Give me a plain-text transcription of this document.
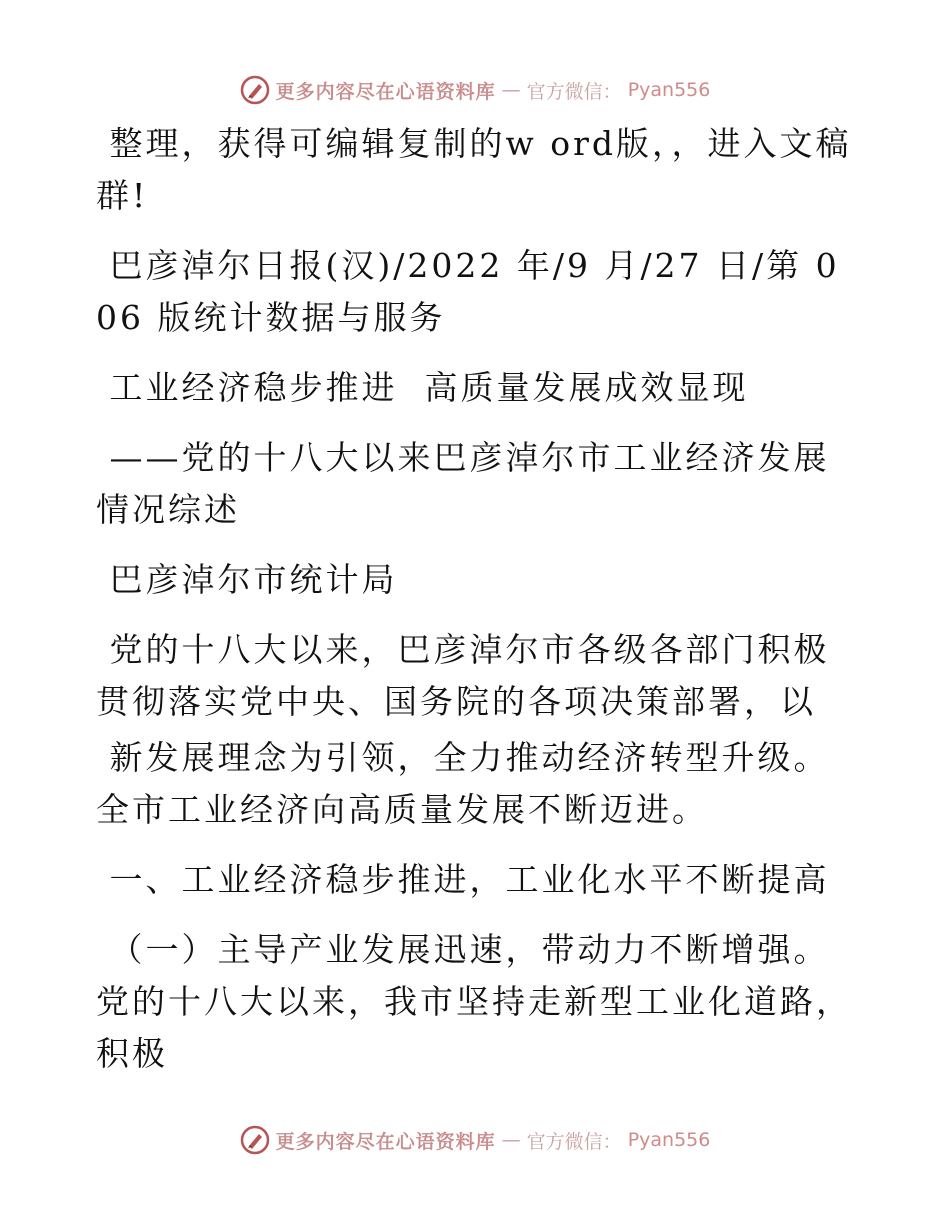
更多内容尽在心语资料库 — 官方微信： Pyan556

整理，获得可编辑复制的w ord版，，进入文稿群!

巴彦淖尔日报(汉)/2022 年/9 月/27 日/第 006 版统计数据与服务

工业经济稳步推进  高质量发展成效显现

——党的十八大以来巴彦淖尔市工业经济发展情况综述

巴彦淖尔市统计局

党的十八大以来，巴彦淖尔市各级各部门积极贯彻落实党中央、国务院的各项决策部署，以

新发展理念为引领，全力推动经济转型升级。全市工业经济向高质量发展不断迈进。

一、工业经济稳步推进，工业化水平不断提高

（一）主导产业发展迅速，带动力不断增强。党的十八大以来，我市坚持走新型工业化道路，积极

更多内容尽在心语资料库 — 官方微信： Pyan556
